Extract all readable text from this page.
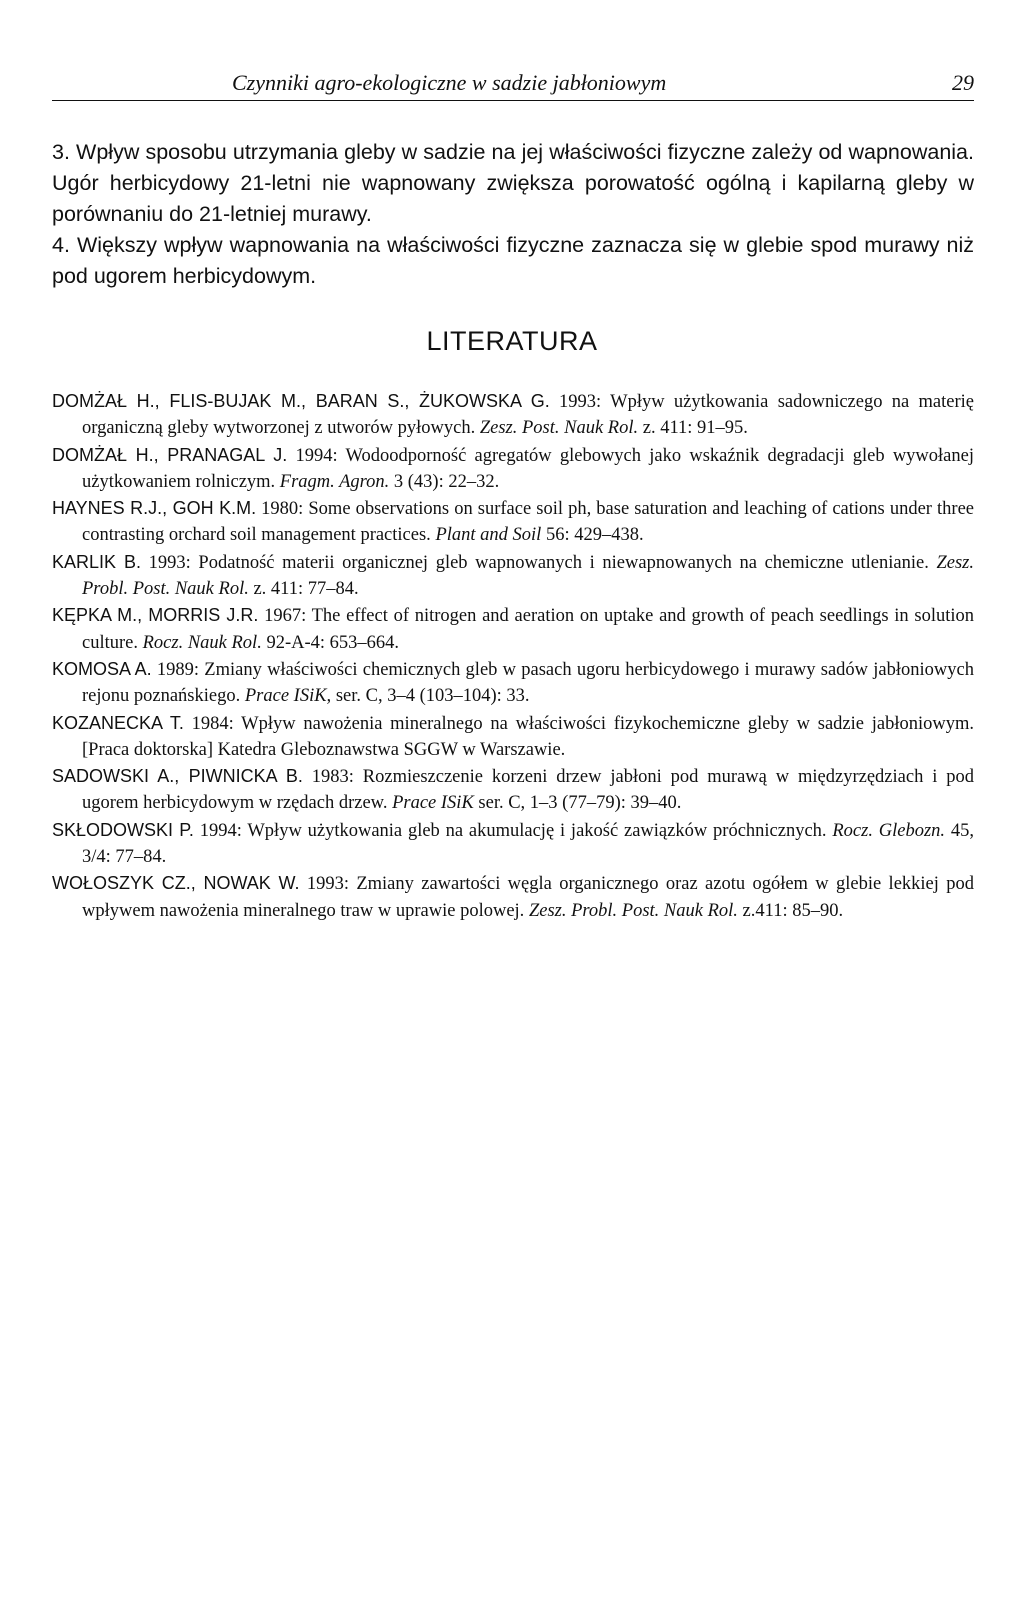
Czynniki agro-ekologiczne w sadzie jabłoniowym	29

3. Wpływ sposobu utrzymania gleby w sadzie na jej właściwości fizyczne zależy od wapnowania. Ugór herbicydowy 21-letni nie wapnowany zwiększa porowatość ogólną i kapilarną gleby w porównaniu do 21-letniej murawy.

4. Większy wpływ wapnowania na właściwości fizyczne zaznacza się w glebie spod murawy niż pod ugorem herbicydowym.

LITERATURA

DOMŻAŁ H., FLIS-BUJAK M., BARAN S., ŻUKOWSKA G. 1993: Wpływ użytkowania sadowniczego na materię organiczną gleby wytworzonej z utworów pyłowych. Zesz. Post. Nauk Rol. z. 411: 91–95.

DOMŻAŁ H., PRANAGAL J. 1994: Wodoodporność agregatów glebowych jako wskaźnik degradacji gleb wywołanej użytkowaniem rolniczym. Fragm. Agron. 3 (43): 22–32.

HAYNES R.J., GOH K.M. 1980: Some observations on surface soil ph, base saturation and leaching of cations under three contrasting orchard soil management practices. Plant and Soil 56: 429–438.

KARLIK B. 1993: Podatność materii organicznej gleb wapnowanych i niewapnowanych na chemiczne utlenianie. Zesz. Probl. Post. Nauk Rol. z. 411: 77–84.

KĘPKA M., MORRIS J.R. 1967: The effect of nitrogen and aeration on uptake and growth of peach seedlings in solution culture. Rocz. Nauk Rol. 92-A-4: 653–664.

KOMOSA A. 1989: Zmiany właściwości chemicznych gleb w pasach ugoru herbicydowego i murawy sadów jabłoniowych rejonu poznańskiego. Prace ISiK, ser. C, 3–4 (103–104): 33.

KOZANECKA T. 1984: Wpływ nawożenia mineralnego na właściwości fizykochemiczne gleby w sadzie jabłoniowym. [Praca doktorska] Katedra Gleboznawstwa SGGW w Warszawie.

SADOWSKI A., PIWNICKA B. 1983: Rozmieszczenie korzeni drzew jabłoni pod murawą w międzyrzędziach i pod ugorem herbicydowym w rzędach drzew. Prace ISiK ser. C, 1–3 (77–79): 39–40.

SKŁODOWSKI P. 1994: Wpływ użytkowania gleb na akumulację i jakość zawiązków próchnicznych. Rocz. Glebozn. 45, 3/4: 77–84.

WOŁOSZYK CZ., NOWAK W. 1993: Zmiany zawartości węgla organicznego oraz azotu ogółem w glebie lekkiej pod wpływem nawożenia mineralnego traw w uprawie polowej. Zesz. Probl. Post. Nauk Rol. z.411: 85–90.
